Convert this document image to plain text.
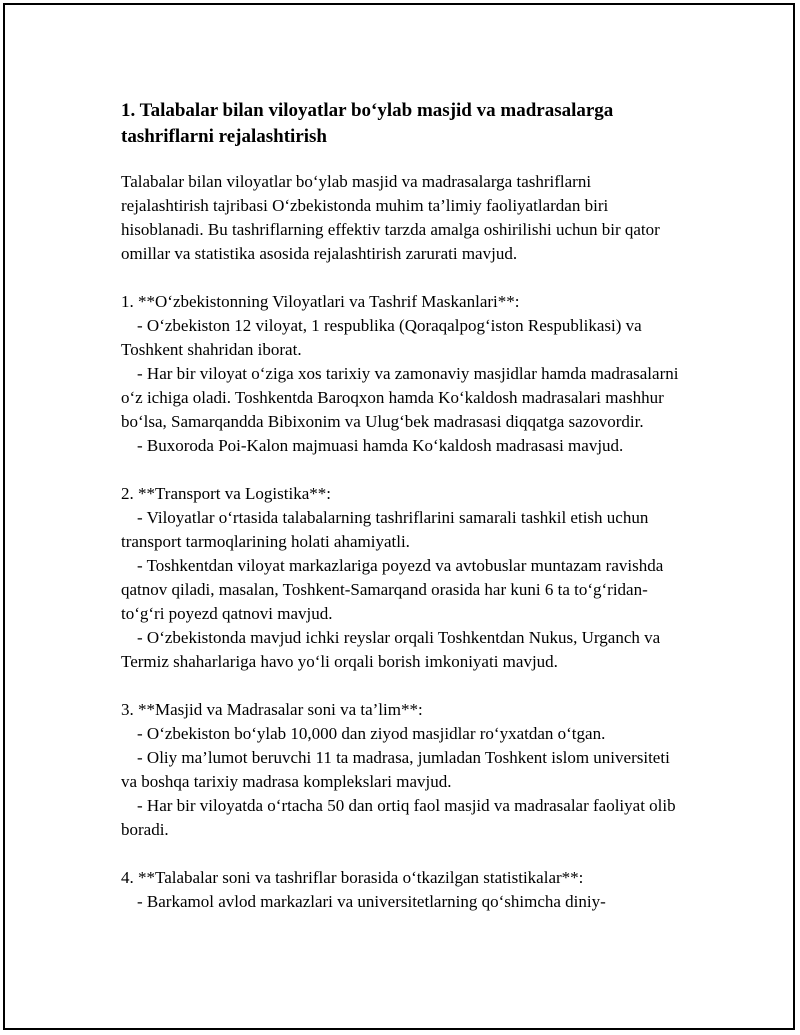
1. Talabalar bilan viloyatlar bo‘ylab masjid va madrasalarga tashriflarni rejalashtirish

Talabalar bilan viloyatlar bo‘ylab masjid va madrasalarga tashriflarni rejalashtirish tajribasi O‘zbekistonda muhim ta’limiy faoliyatlardan biri hisoblanadi. Bu tashriflarning effektiv tarzda amalga oshirilishi uchun bir qator omillar va statistika asosida rejalashtirish zarurati mavjud.

1. **O‘zbekistonning Viloyatlari va Tashrif Maskanlari**:

- O‘zbekiston 12 viloyat, 1 respublika (Qoraqalpog‘iston Respublikasi) va Toshkent shahridan iborat.

- Har bir viloyat o‘ziga xos tarixiy va zamonaviy masjidlar hamda madrasalarni o‘z ichiga oladi. Toshkentda Baroqxon hamda Ko‘kaldosh madrasalari mashhur bo‘lsa, Samarqandda Bibixonim va Ulug‘bek madrasasi diqqatga sazovordir.

- Buxoroda Poi-Kalon majmuasi hamda Ko‘kaldosh madrasasi mavjud.

2. **Transport va Logistika**:

- Viloyatlar o‘rtasida talabalarning tashriflarini samarali tashkil etish uchun transport tarmoqlarining holati ahamiyatli.

- Toshkentdan viloyat markazlariga poyezd va avtobuslar muntazam ravishda qatnov qiladi, masalan, Toshkent-Samarqand orasida har kuni 6 ta to‘g‘ridan-to‘g‘ri poyezd qatnovi mavjud.

- O‘zbekistonda mavjud ichki reyslar orqali Toshkentdan Nukus, Urganch va Termiz shaharlariga havo yo‘li orqali borish imkoniyati mavjud.

3. **Masjid va Madrasalar soni va ta’lim**:

- O‘zbekiston bo‘ylab 10,000 dan ziyod masjidlar ro‘yxatdan o‘tgan.

- Oliy ma’lumot beruvchi 11 ta madrasa, jumladan Toshkent islom universiteti va boshqa tarixiy madrasa komplekslari mavjud.

- Har bir viloyatda o‘rtacha 50 dan ortiq faol masjid va madrasalar faoliyat olib boradi.

4. **Talabalar soni va tashriflar borasida o‘tkazilgan statistikalar**:

- Barkamol avlod markazlari va universitetlarning qo‘shimcha diniy-
